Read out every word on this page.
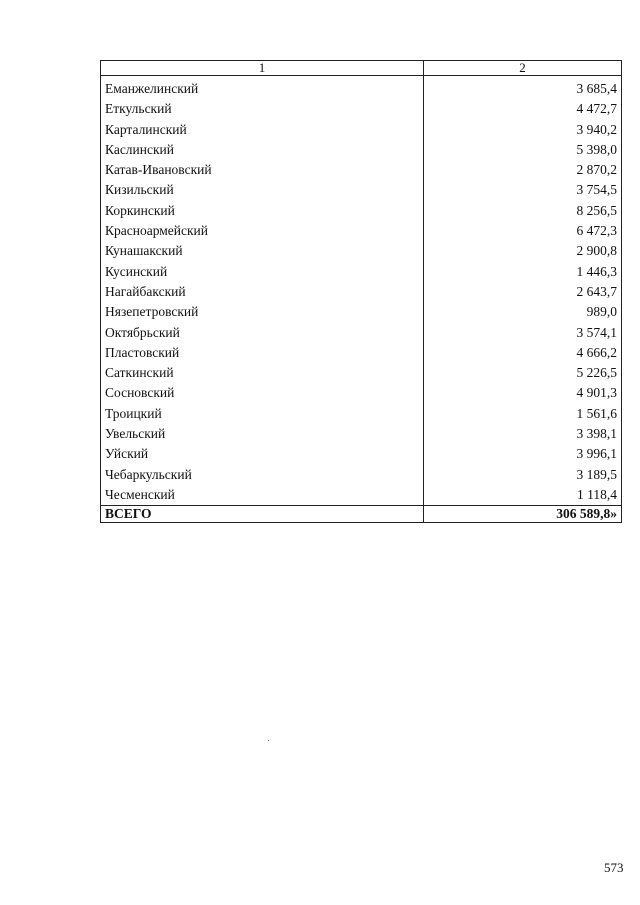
1	2
Еманжелинский	3 685,4
Еткульский	4 472,7
Карталинский	3 940,2
Каслинский	5 398,0
Катав-Ивановский	2 870,2
Кизильский	3 754,5
Коркинский	8 256,5
Красноармейский	6 472,3
Кунашакский	2 900,8
Кусинский	1 446,3
Нагайбакский	2 643,7
Нязепетровский	989,0
Октябрьский	3 574,1
Пластовский	4 666,2
Саткинский	5 226,5
Сосновский	4 901,3
Троицкий	1 561,6
Увельский	3 398,1
Уйский	3 996,1
Чебаркульский	3 189,5
Чесменский	1 118,4
ВСЕГО	306 589,8»
573
